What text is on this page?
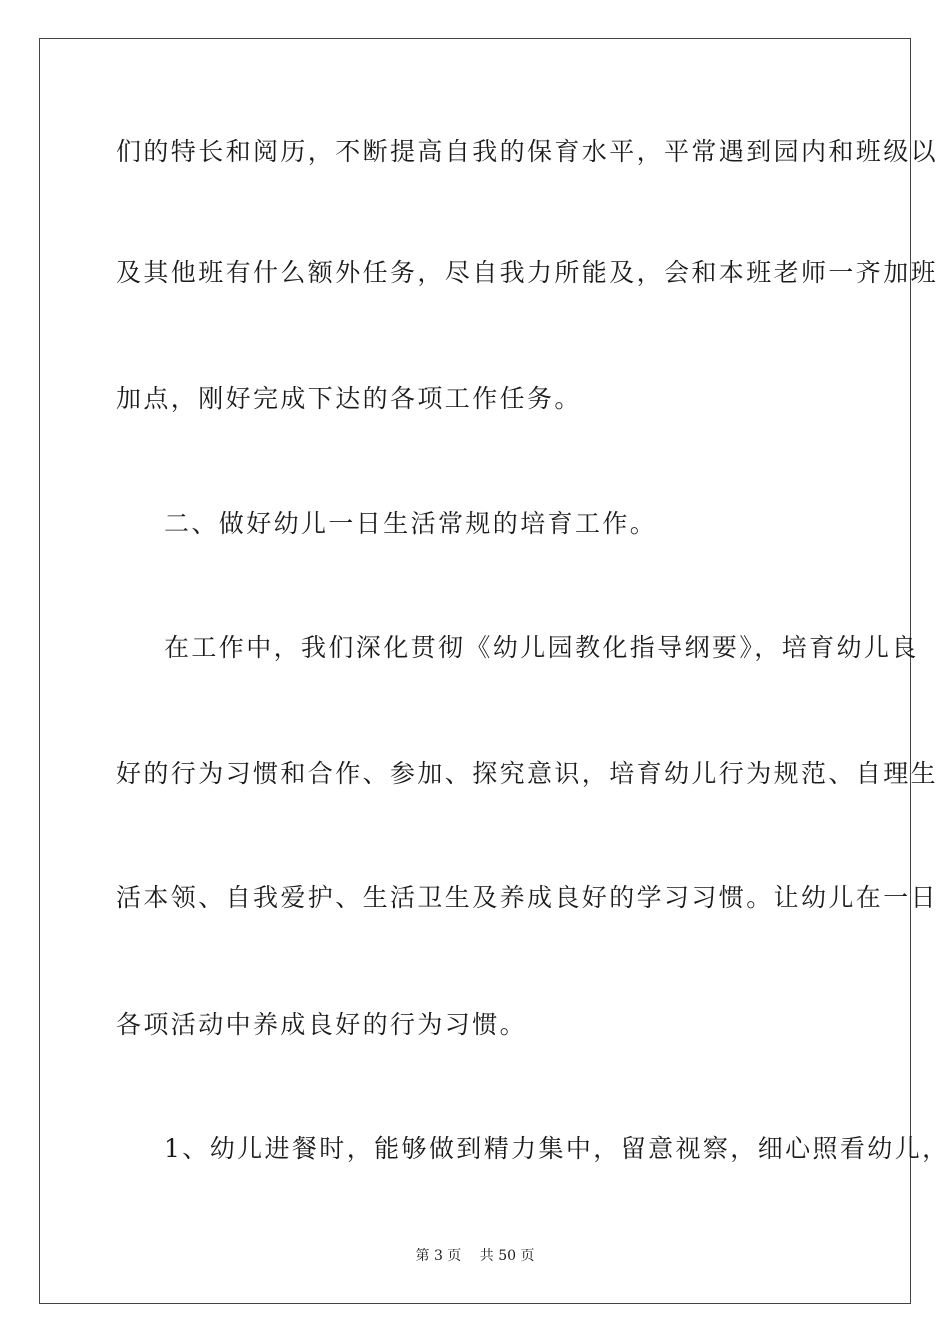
们的特长和阅历，不断提高自我的保育水平，平常遇到园内和班级以
及其他班有什么额外任务，尽自我力所能及，会和本班老师一齐加班
加点，刚好完成下达的各项工作任务。
二、做好幼儿一日生活常规的培育工作。
在工作中，我们深化贯彻《幼儿园教化指导纲要》，培育幼儿良
好的行为习惯和合作、参加、探究意识，培育幼儿行为规范、自理生
活本领、自我爱护、生活卫生及养成良好的学习习惯。让幼儿在一日
各项活动中养成良好的行为习惯。
1、幼儿进餐时，能够做到精力集中，留意视察，细心照看幼儿，
第 3 页 共 50 页
